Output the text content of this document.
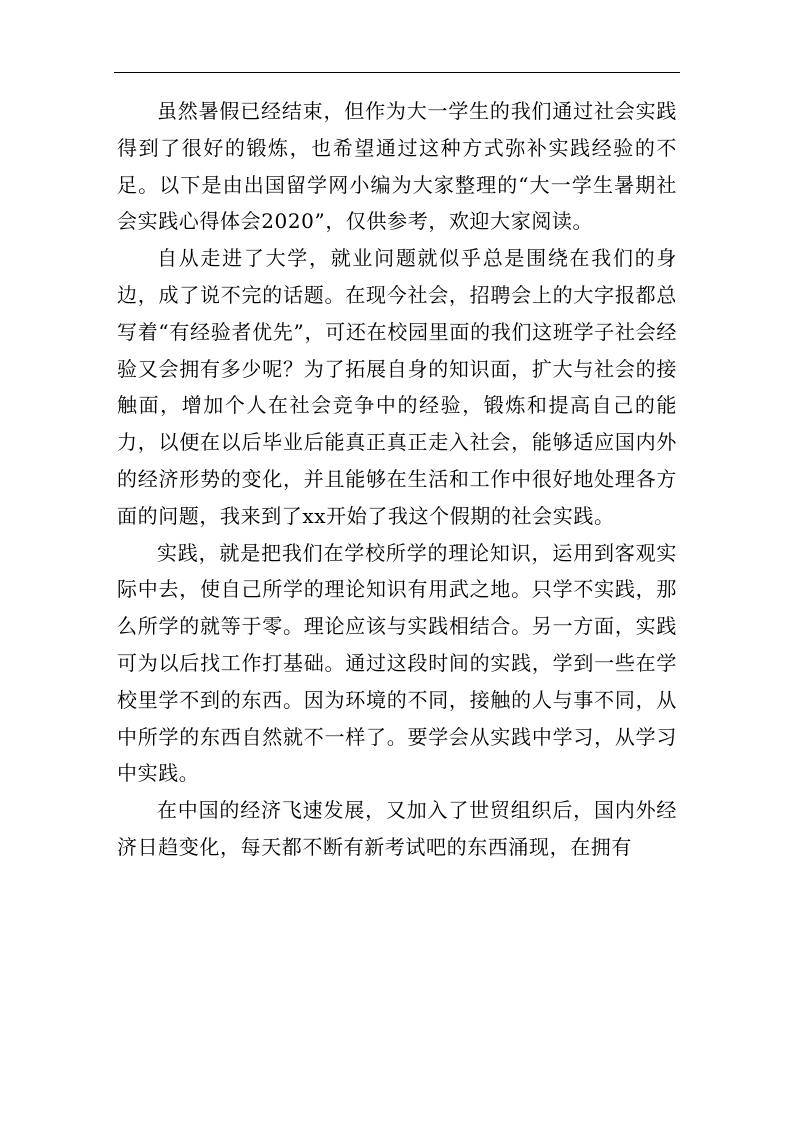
虽然暑假已经结束，但作为大一学生的我们通过社会实践得到了很好的锻炼，也希望通过这种方式弥补实践经验的不足。以下是由出国留学网小编为大家整理的“大一学生暑期社会实践心得体会2020”，仅供参考，欢迎大家阅读。

自从走进了大学，就业问题就似乎总是围绕在我们的身边，成了说不完的话题。在现今社会，招聘会上的大字报都总写着“有经验者优先”，可还在校园里面的我们这班学子社会经验又会拥有多少呢？为了拓展自身的知识面，扩大与社会的接触面，增加个人在社会竞争中的经验，锻炼和提高自己的能力，以便在以后毕业后能真正真正走入社会，能够适应国内外的经济形势的变化，并且能够在生活和工作中很好地处理各方面的问题，我来到了xx开始了我这个假期的社会实践。

实践，就是把我们在学校所学的理论知识，运用到客观实际中去，使自己所学的理论知识有用武之地。只学不实践，那么所学的就等于零。理论应该与实践相结合。另一方面，实践可为以后找工作打基础。通过这段时间的实践，学到一些在学校里学不到的东西。因为环境的不同，接触的人与事不同，从中所学的东西自然就不一样了。要学会从实践中学习，从学习中实践。

在中国的经济飞速发展，又加入了世贸组织后，国内外经济日趋变化，每天都不断有新考试吧的东西涌现，在拥有
